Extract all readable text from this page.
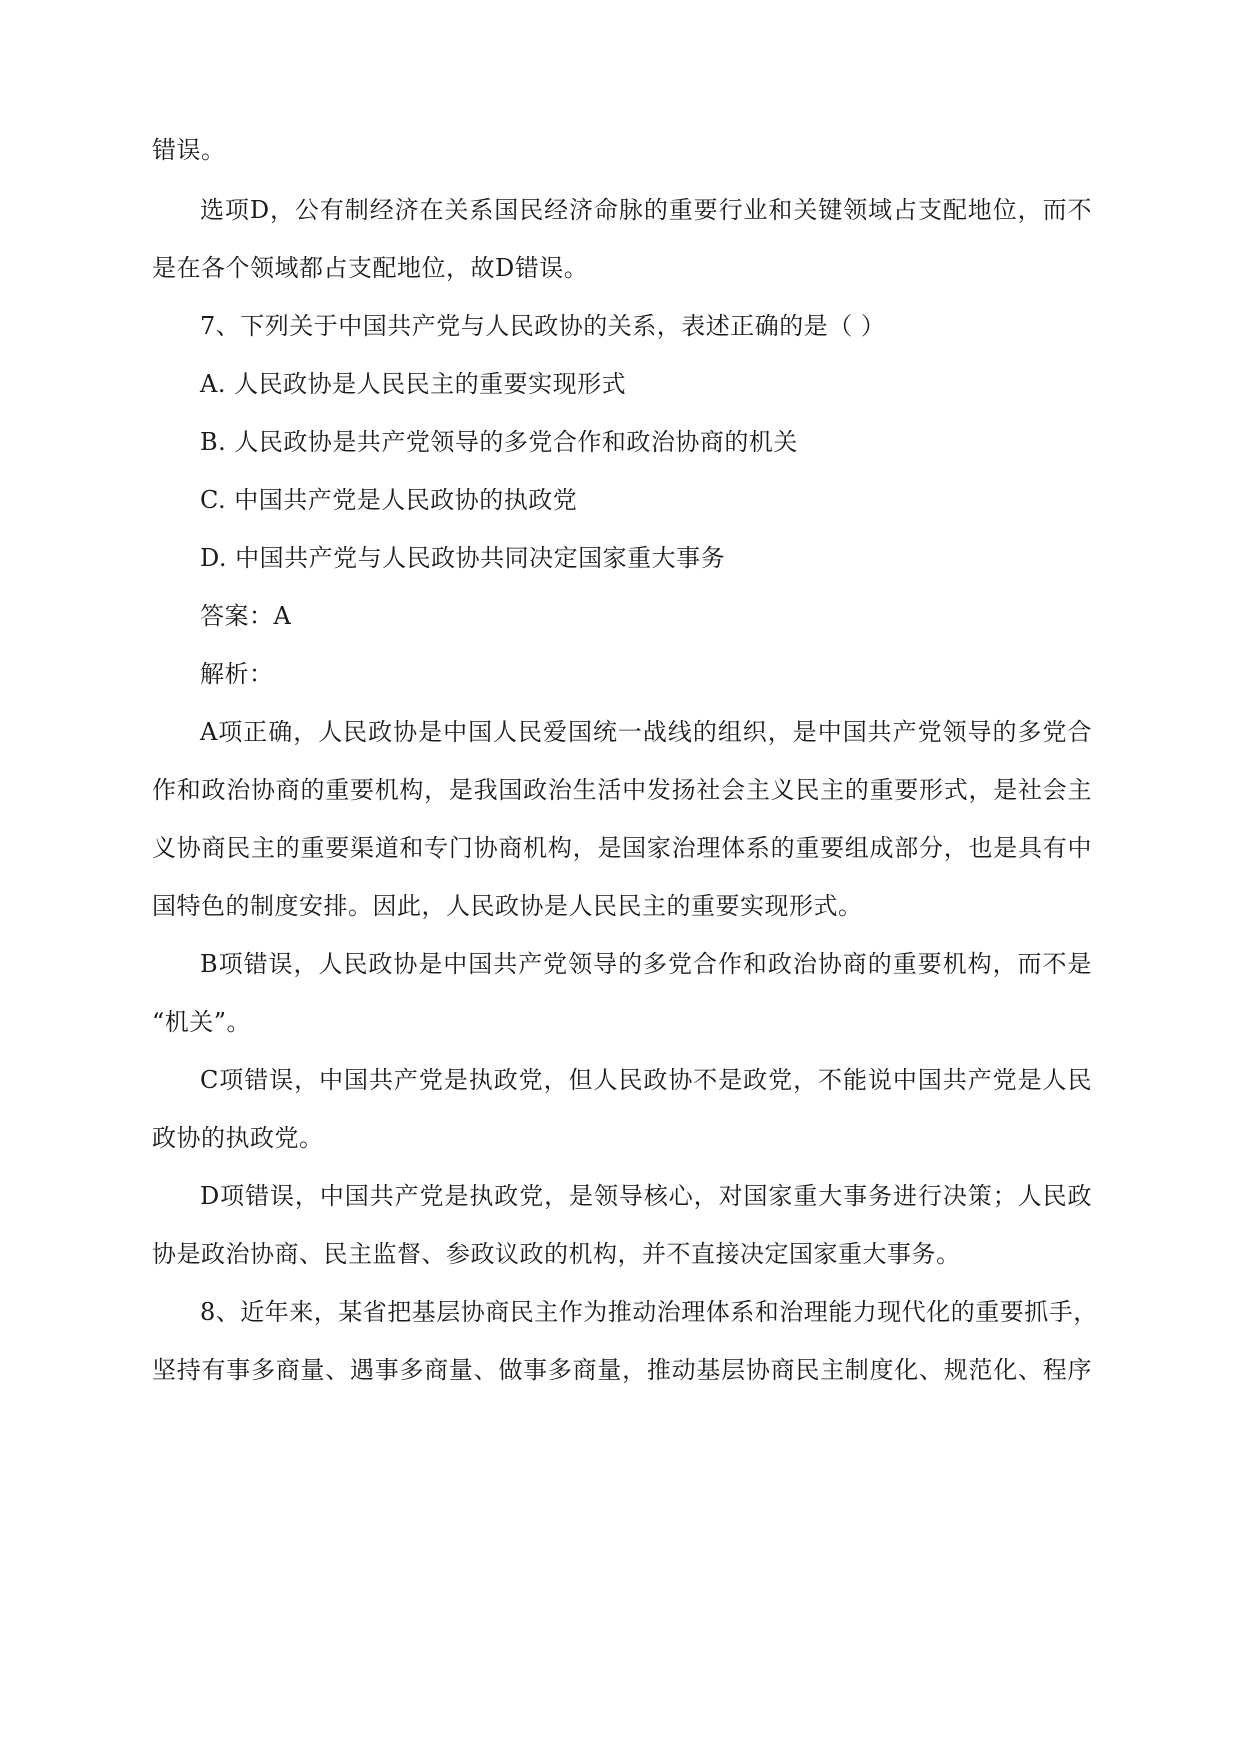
错误。
选项D，公有制经济在关系国民经济命脉的重要行业和关键领域占支配地位，而不
是在各个领域都占支配地位，故D错误。
7、下列关于中国共产党与人民政协的关系，表述正确的是（ ）
A. 人民政协是人民民主的重要实现形式
B. 人民政协是共产党领导的多党合作和政治协商的机关
C. 中国共产党是人民政协的执政党
D. 中国共产党与人民政协共同决定国家重大事务
答案：A
解析：
A项正确，人民政协是中国人民爱国统一战线的组织，是中国共产党领导的多党合
作和政治协商的重要机构，是我国政治生活中发扬社会主义民主的重要形式，是社会主
义协商民主的重要渠道和专门协商机构，是国家治理体系的重要组成部分，也是具有中
国特色的制度安排。因此，人民政协是人民民主的重要实现形式。
B项错误，人民政协是中国共产党领导的多党合作和政治协商的重要机构，而不是
“机关”。
C项错误，中国共产党是执政党，但人民政协不是政党，不能说中国共产党是人民
政协的执政党。
D项错误，中国共产党是执政党，是领导核心，对国家重大事务进行决策；人民政
协是政治协商、民主监督、参政议政的机构，并不直接决定国家重大事务。
8、近年来，某省把基层协商民主作为推动治理体系和治理能力现代化的重要抓手，
坚持有事多商量、遇事多商量、做事多商量，推动基层协商民主制度化、规范化、程序
